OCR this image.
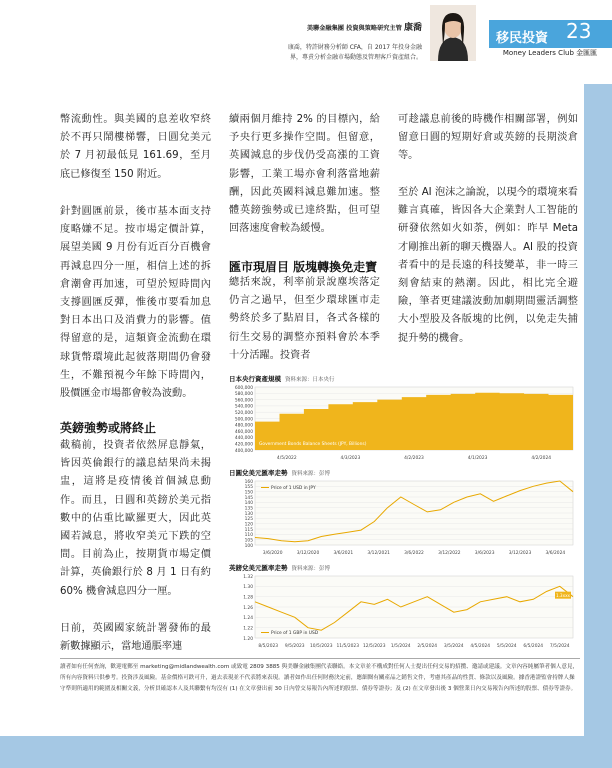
美聯金融集團 投資與策略研究主管 康喬
康喬，特許財務分析師 CFA，自 2017 年投身金融
界，專責分析金融市場動態及管理客戶資產組合。
移民投資 23
Money Leaders Club 金匯匯

幣流動性。與美國的息差收窄終於不再只鬧樓梯響，日圓兌美元於 7 月初最低見 161.69，至月底已修復至 150 附近。

針對圓匯前景，後市基本面支持度略嫌不足。按市場定價計算，展望美國 9 月份有近百分百機會再減息四分一厘，相信上述的拆倉潮會再加速，可望於短時間內支撐圓匯反彈，惟後市要看加息對日本出口及消費力的影響。值得留意的是，這類資金流動在環球貨幣環境此起彼落期間仍會發生，不難預視今年餘下時間內，股價匯金市場都會較為波動。

英鎊強勢或將終止

截稿前，投資者依然屏息靜氣，皆因英倫銀行的議息結果尚未揭盅，這將是疫情後首個減息動作。而且，日圓和英鎊於美元指數中的佔重比歐羅更大，因此英國若減息，將收窄美元下跌的空間。目前為止，按期貨市場定價計算，英倫銀行於 8 月 1 日有約 60% 機會減息四分一厘。

日前，英國國家統計署發佈的最新數據顯示，當地通脹率連

續兩個月維持 2% 的目標內，給予央行更多操作空間。但留意，英國減息的步伐仍受高漲的工資影響，工業工場亦會利落當地薪酬，因此英國料減息難加速。整體英鎊強勢或已達終點，但可望回落速度會較為緩慢。

匯市現眉目 版塊轉換免走寶

總括來說，利率前景說塵埃落定仍言之過早，但至少環球匯市走勢終於多了點眉目，各式各樣的衍生交易的調整亦預料會於本季十分活躍。投資者

可趁議息前後的時機作相關部署，例如留意日圓的短期好倉或英鎊的長期淡倉等。

至於 AI 泡沫之論說，以現今的環境來看難言真確，皆因各大企業對人工智能的研發依然如火如荼，例如：昨早 Meta 才剛推出新的聊天機器人。AI 股的投資者看中的是長遠的科技變革，非一時三刻會結束的熱潮。因此，相比完全避險，筆者更建議波動加劇期間靈活調整大小型股及各版塊的比例，以免走失捕捉升勢的機會。

日本央行資產規模 資料來源：日本央行

400,000
420,000
440,000
460,000
480,000
500,000
520,000
540,000
560,000
580,000
600,000
4/5/2022	4/3/2023	4/2/2023	4/1/2023	4/2/2024
Government Bonds Balance Sheets (JPY, Billions)

日圓兌美元匯率走勢 資料來源：彭博

100
105
110
115
120
125
130
135
140
145
150
155
160
3/6/2020	3/12/2020	3/6/2021	3/12/2021	3/6/2022	3/12/2022	3/6/2023	3/12/2023	3/6/2024
Price of 1 USD in JPY

英鎊兌美元匯率走勢 資料來源：彭博

1.20
1.22
1.24
1.26
1.28
1.30
1.32
8/5/2023 9/5/2023 10/5/2023 11/5/2023 12/5/2023 1/5/2024 2/5/2024 3/5/2024 4/5/2024 5/5/2024 6/5/2024 7/5/2024
Price of 1 GBP in USD
1.3xxx
讀者如有任何查詢，歡迎電郵至 marketing@midlandwealth.com 或致電 2809 3885 與美聯金融集團代表聯絡。本文章並不構成對任何人士提出任何交易的招攬、邀請或建議。文章內容純屬筆者個人意見，所有內容資料只供參考。投資涉及風險。基金價格可跌可升，過去表現並不代表將來表現。讀者如作出任何財務決定前，應細閱有關產品之銷售文件，考慮其產品的性質、條款以及風險。據香港證監會持牌人操守準則所適用的範圍及相關文義，分析員確認本人及其聯繫有均沒有 (1) 在文章發出前 30 日內曾交易報告內所述的股票、債券等證券；及 (2) 在文章發出後 3 個營業日內交易報告內所述的股票、債券等證券。
